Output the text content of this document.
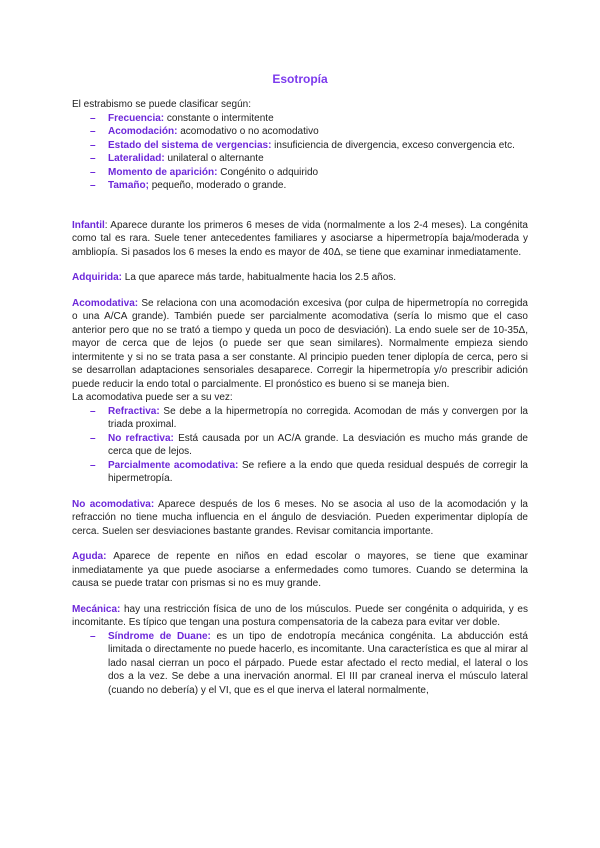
Esotropía

El estrabismo se puede clasificar según:

– Frecuencia: constante o intermitente
– Acomodación: acomodativo o no acomodativo
– Estado del sistema de vergencias: insuficiencia de divergencia, exceso convergencia etc.
– Lateralidad: unilateral o alternante
– Momento de aparición: Congénito o adquirido
– Tamaño; pequeño, moderado o grande.

Infantil: Aparece durante los primeros 6 meses de vida (normalmente a los 2-4 meses). La congénita como tal es rara. Suele tener antecedentes familiares y asociarse a hipermetropía baja/moderada y ambliopía. Si pasados los 6 meses la endo es mayor de 40Δ, se tiene que examinar inmediatamente.

Adquirida: La que aparece más tarde, habitualmente hacia los 2.5 años.

Acomodativa: Se relaciona con una acomodación excesiva (por culpa de hipermetropía no corregida o una A/CA grande). También puede ser parcialmente acomodativa (sería lo mismo que el caso anterior pero que no se trató a tiempo y queda un poco de desviación). La endo suele ser de 10-35Δ, mayor de cerca que de lejos (o puede ser que sean similares). Normalmente empieza siendo intermitente y si no se trata pasa a ser constante. Al principio pueden tener diplopía de cerca, pero si se desarrollan adaptaciones sensoriales desaparece. Corregir la hipermetropía y/o prescribir adición puede reducir la endo total o parcialmente. El pronóstico es bueno si se maneja bien.

La acomodativa puede ser a su vez:

– Refractiva: Se debe a la hipermetropía no corregida. Acomodan de más y convergen por la triada proximal.
– No refractiva: Está causada por un AC/A grande. La desviación es mucho más grande de cerca que de lejos.
– Parcialmente acomodativa: Se refiere a la endo que queda residual después de corregir la hipermetropía.

No acomodativa: Aparece después de los 6 meses. No se asocia al uso de la acomodación y la refracción no tiene mucha influencia en el ángulo de desviación. Pueden experimentar diplopía de cerca. Suelen ser desviaciones bastante grandes. Revisar comitancia importante.

Aguda: Aparece de repente en niños en edad escolar o mayores, se tiene que examinar inmediatamente ya que puede asociarse a enfermedades como tumores. Cuando se determina la causa se puede tratar con prismas si no es muy grande.

Mecánica: hay una restricción física de uno de los músculos. Puede ser congénita o adquirida, y es incomitante. Es típico que tengan una postura compensatoria de la cabeza para evitar ver doble.

– Síndrome de Duane: es un tipo de endotropía mecánica congénita. La abducción está limitada o directamente no puede hacerlo, es incomitante. Una característica es que al mirar al lado nasal cierran un poco el párpado. Puede estar afectado el recto medial, el lateral o los dos a la vez. Se debe a una inervación anormal. El III par craneal inerva el músculo lateral (cuando no debería) y el VI, que es el que inerva el lateral normalmente,
